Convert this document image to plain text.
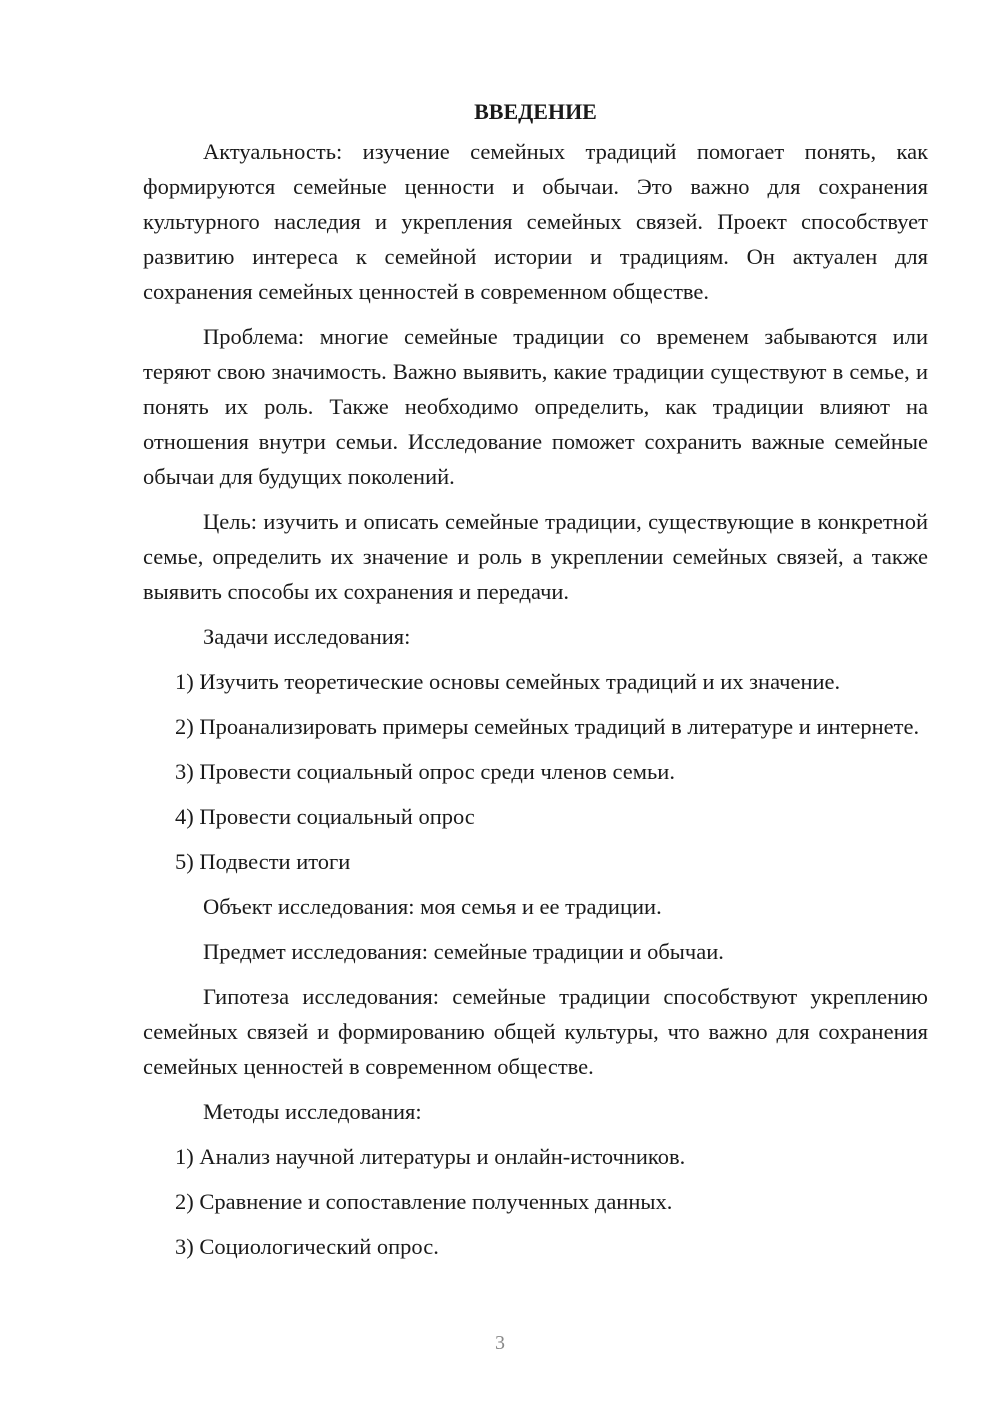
ВВЕДЕНИЕ

Актуальность: изучение семейных традиций помогает понять, как формируются семейные ценности и обычаи. Это важно для сохранения культурного наследия и укрепления семейных связей. Проект способствует развитию интереса к семейной истории и традициям. Он актуален для сохранения семейных ценностей в современном обществе.

Проблема: многие семейные традиции со временем забываются или теряют свою значимость. Важно выявить, какие традиции существуют в семье, и понять их роль. Также необходимо определить, как традиции влияют на отношения внутри семьи. Исследование поможет сохранить важные семейные обычаи для будущих поколений.

Цель: изучить и описать семейные традиции, существующие в конкретной семье, определить их значение и роль в укреплении семейных связей, а также выявить способы их сохранения и передачи.

Задачи исследования:

1) Изучить теоретические основы семейных традиций и их значение.

2) Проанализировать примеры семейных традиций в литературе и интернете.

3) Провести социальный опрос среди членов семьи.

4) Провести социальный опрос

5) Подвести итоги

Объект исследования: моя семья и ее традиции.

Предмет исследования: семейные традиции и обычаи.

Гипотеза исследования: семейные традиции способствуют укреплению семейных связей и формированию общей культуры, что важно для сохранения семейных ценностей в современном обществе.

Методы исследования:

1) Анализ научной литературы и онлайн-источников.

2) Сравнение и сопоставление полученных данных.

3) Социологический опрос.

3
